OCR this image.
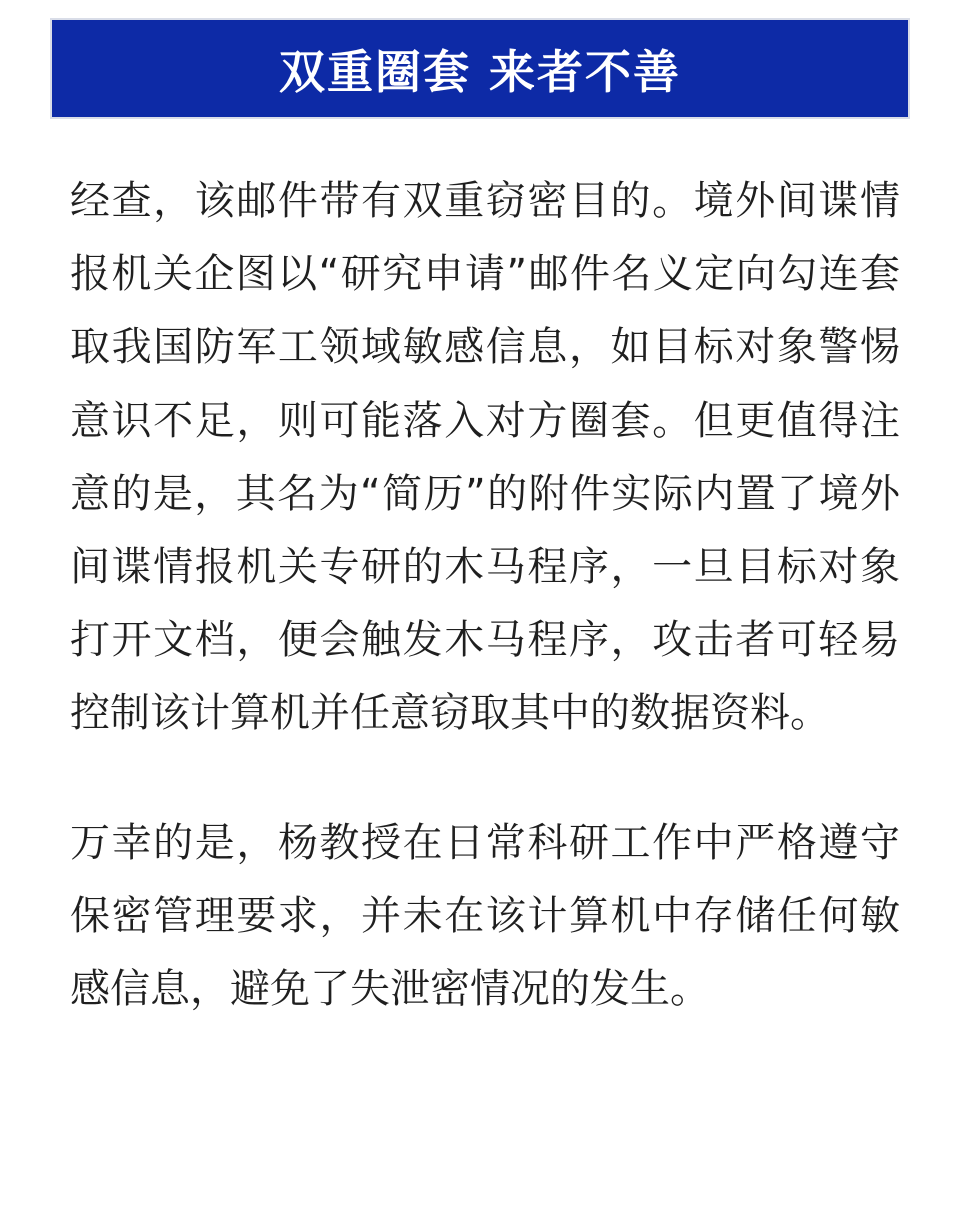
双重圈套 来者不善

经查，该邮件带有双重窃密目的。境外间谍情报机关企图以“研究申请”邮件名义定向勾连套取我国防军工领域敏感信息，如目标对象警惕意识不足，则可能落入对方圈套。但更值得注意的是，其名为“简历”的附件实际内置了境外间谍情报机关专研的木马程序，一旦目标对象打开文档，便会触发木马程序，攻击者可轻易控制该计算机并任意窃取其中的数据资料。

万幸的是，杨教授在日常科研工作中严格遵守保密管理要求，并未在该计算机中存储任何敏感信息，避免了失泄密情况的发生。
